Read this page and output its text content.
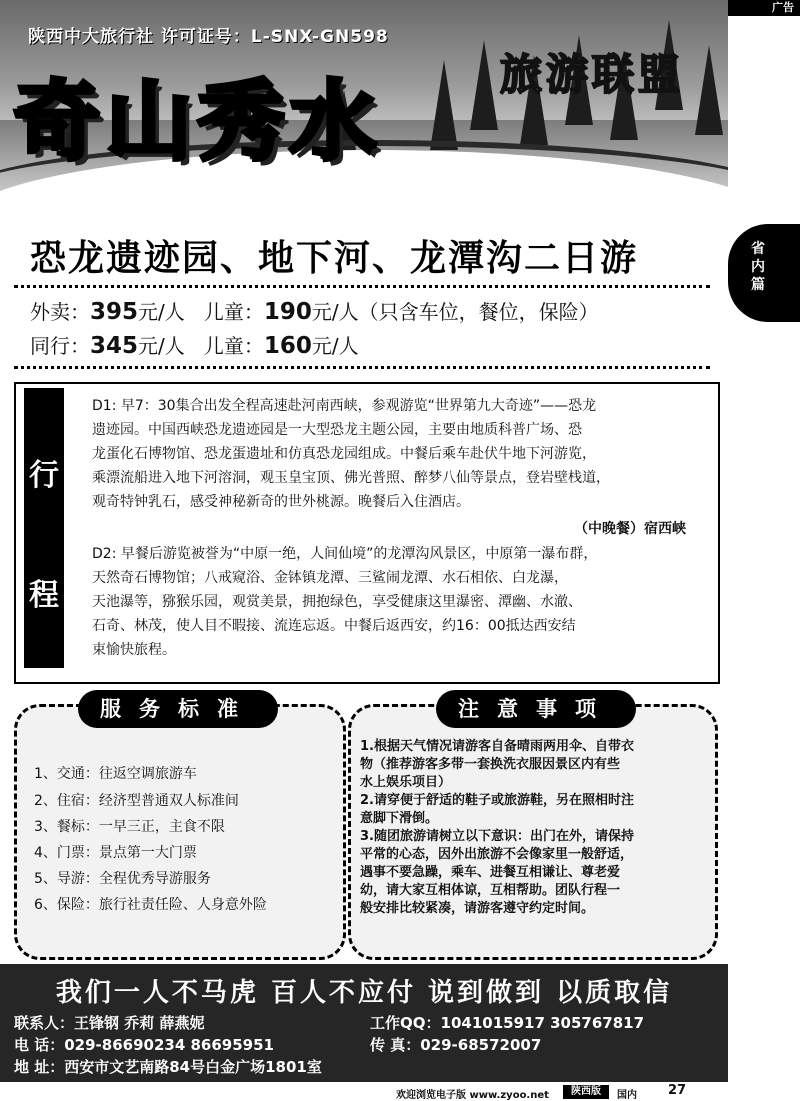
陕西中大旅行社 许可证号：L-SNX-GN598
奇山秀水	旅游联盟
广告
省内篇
恐龙遗迹园、地下河、龙潭沟二日游
外卖：395元/人 儿童：190元/人（只含车位，餐位，保险）
同行：345元/人 儿童：160元/人
行
程
D1: 早7：30集合出发全程高速赴河南西峡，参观游览“世界第九大奇迹”——恐龙
遗迹园。中国西峡恐龙遗迹园是一大型恐龙主题公园，主要由地质科普广场、恐
龙蛋化石博物馆、恐龙蛋遗址和仿真恐龙园组成。中餐后乘车赴伏牛地下河游览，
乘漂流船进入地下河溶洞，观玉皇宝顶、佛光普照、醉梦八仙等景点，登岩壁栈道，
观奇特钟乳石，感受神秘新奇的世外桃源。晚餐后入住酒店。
（中晚餐）宿西峡
D2: 早餐后游览被誉为“中原一绝，人间仙境”的龙潭沟风景区，中原第一瀑布群，
天然奇石博物馆；八戒窥浴、金钵镇龙潭、三鲨闹龙潭、水石相依、白龙瀑，
天池瀑等，猕猴乐园，观赏美景，拥抱绿色，享受健康这里瀑密、潭幽、水澈、
石奇、林茂，使人目不暇接、流连忘返。中餐后返西安，约16：00抵达西安结
束愉快旅程。
服务标准
1、交通：往返空调旅游车
2、住宿：经济型普通双人标准间
3、餐标：一早三正，主食不限
4、门票：景点第一大门票
5、导游：全程优秀导游服务
6、保险：旅行社责任险、人身意外险
注意事项
1.根据天气情况请游客自备晴雨两用伞、自带衣
物（推荐游客多带一套换洗衣服因景区内有些
水上娱乐项目）
2.请穿便于舒适的鞋子或旅游鞋，另在照相时注
意脚下滑倒。
3.随团旅游请树立以下意识：出门在外，请保持
平常的心态，因外出旅游不会像家里一般舒适，
遇事不要急躁，乘车、进餐互相谦让、尊老爱
幼，请大家互相体谅，互相帮助。团队行程一
般安排比较紧凑，请游客遵守约定时间。
我们一人不马虎 百人不应付 说到做到 以质取信
联系人：王锋钢 乔莉 薛燕妮	工作QQ：1041015917 305767817
电 话：029-86690234 86695951	传 真：029-68572007
地 址：西安市文艺南路84号白金广场1801室
欢迎浏览电子版 www.zyoo.net	陕西版	国内 27
